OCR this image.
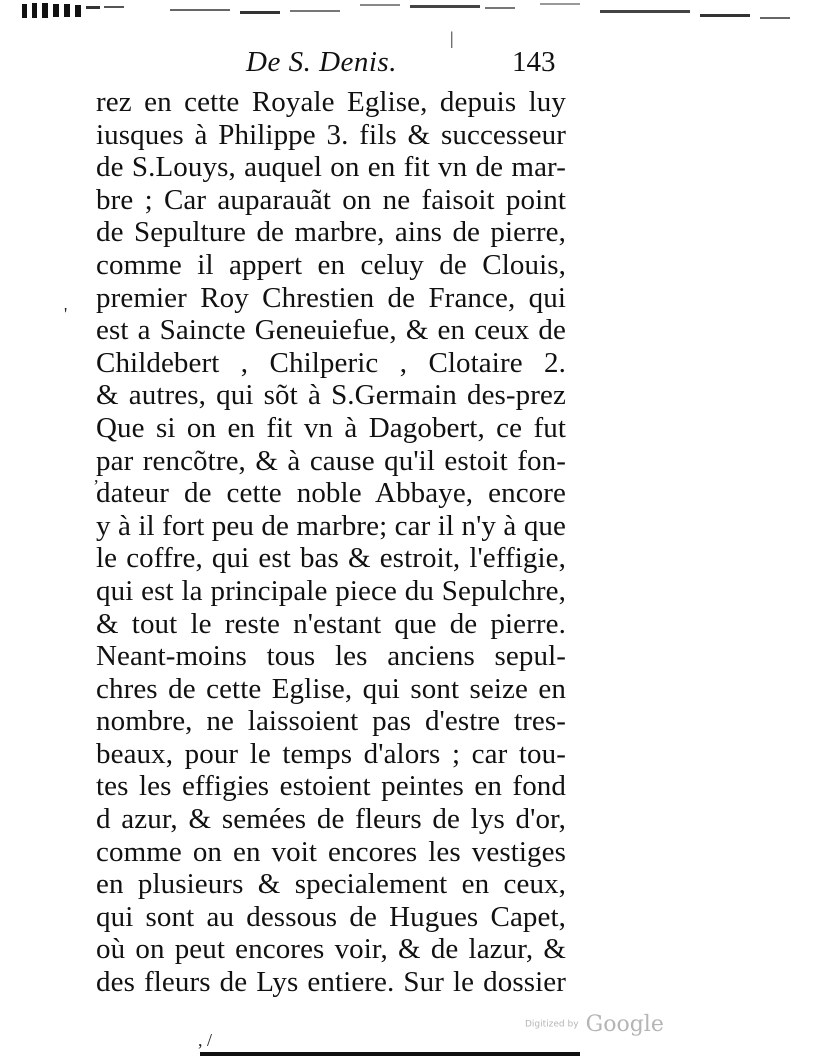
De S. Denis.	143
|
'
,
rez en cette Royale Eglise, depuis luy
iusques à Philippe 3. fils & successeur
de S.Louys, auquel on en fit vn de mar-
bre ; Car auparauãt on ne faisoit point
de Sepulture de marbre, ains de pierre,
comme il appert en celuy de Clouis,
premier Roy Chrestien de France, qui
est a Saincte Geneuiefue, & en ceux de
Childebert , Chilperic , Clotaire 2.
& autres, qui sõt à S.Germain des-prez
Que si on en fit vn à Dagobert, ce fut
par rencõtre, & à cause qu'il estoit fon-
dateur de cette noble Abbaye, encore
y à il fort peu de marbre; car il n'y à que
le coffre, qui est bas & estroit, l'effigie,
qui est la principale piece du Sepulchre,
& tout le reste n'estant que de pierre.
Neant-moins tous les anciens sepul-
chres de cette Eglise, qui sont seize en
nombre, ne laissoient pas d'estre tres-
beaux, pour le temps d'alors ; car tou-
tes les effigies estoient peintes en fond
d azur, & semées de fleurs de lys d'or,
comme on en voit encores les vestiges
en plusieurs & specialement en ceux,
qui sont au dessous de Hugues Capet,
où on peut encores voir, & de lazur, &
des fleurs de Lys entiere. Sur le dossier
Digitized by Google
, /
